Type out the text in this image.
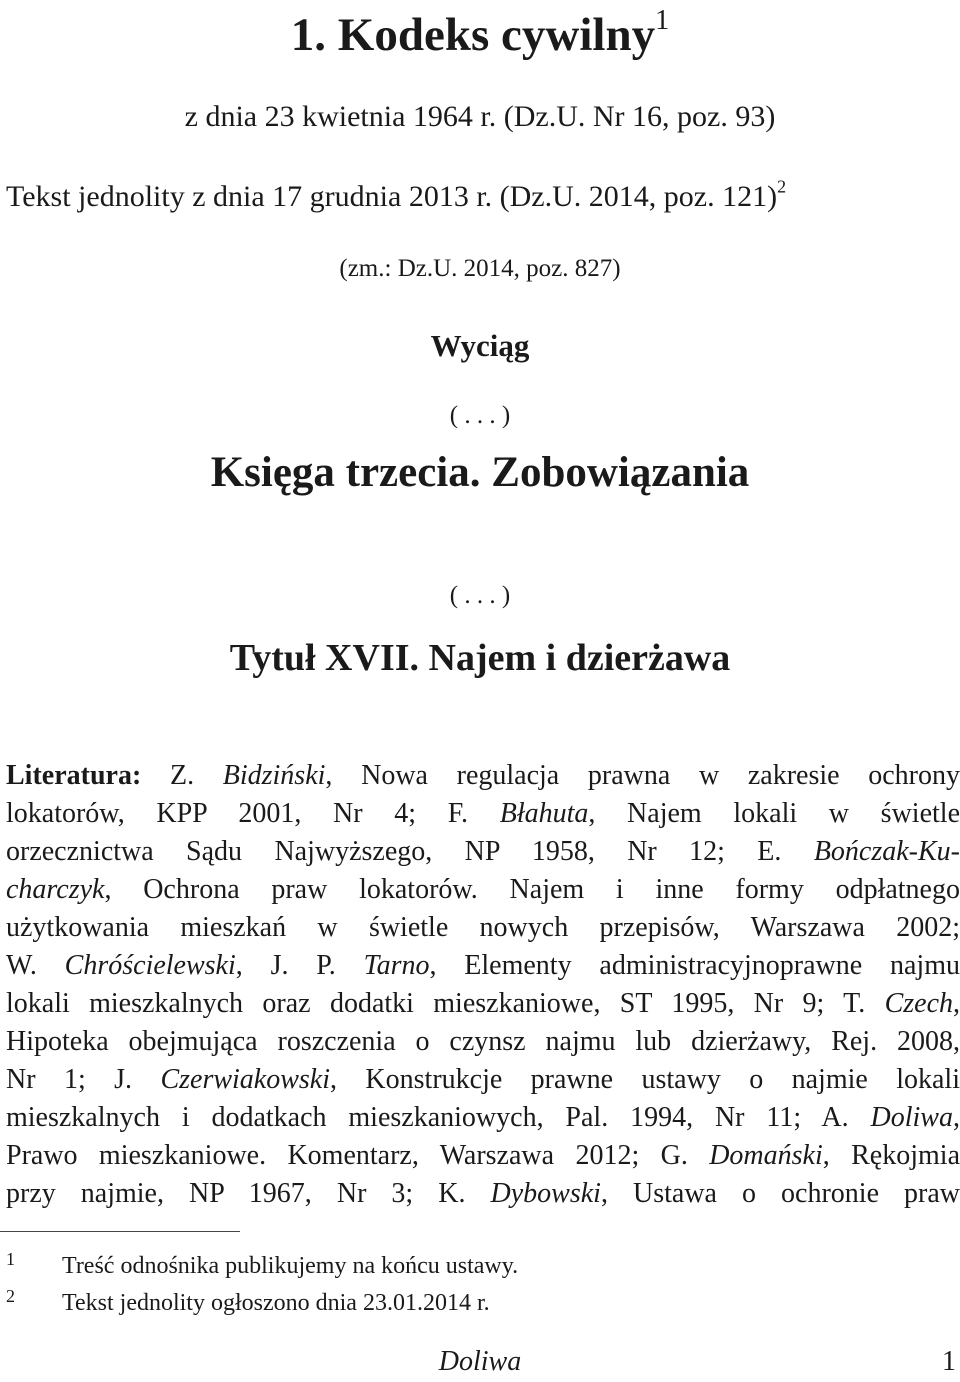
1. Kodeks cywilny$^1$
z dnia 23 kwietnia 1964 r. (Dz.U. Nr 16, poz. 93)
Tekst jednolity z dnia 17 grudnia 2013 r. (Dz.U. 2014, poz. 121)$^2$
(zm.: Dz.U. 2014, poz. 827)
Wyciąg
( . . . )
Księga trzecia. Zobowiązania
( . . . )
Tytuł XVII. Najem i dzierżawa
Literatura: Z. Bidziński, Nowa regulacja prawna w zakresie ochrony
lokatorów, KPP 2001, Nr 4; F. Błahuta, Najem lokali w świetle
orzecznictwa Sądu Najwyższego, NP 1958, Nr 12; E. Bończak-Ku-
charczyk, Ochrona praw lokatorów. Najem i inne formy odpłatnego
użytkowania mieszkań w świetle nowych przepisów, Warszawa 2002;
W. Chróścielewski, J. P. Tarno, Elementy administracyjnoprawne najmu
lokali mieszkalnych oraz dodatki mieszkaniowe, ST 1995, Nr 9; T. Czech,
Hipoteka obejmująca roszczenia o czynsz najmu lub dzierżawy, Rej. 2008,
Nr 1; J. Czerwiakowski, Konstrukcje prawne ustawy o najmie lokali
mieszkalnych i dodatkach mieszkaniowych, Pal. 1994, Nr 11; A. Doliwa,
Prawo mieszkaniowe. Komentarz, Warszawa 2012; G. Domański, Rękojmia
przy najmie, NP 1967, Nr 3; K. Dybowski, Ustawa o ochronie praw
1 Treść odnośnika publikujemy na końcu ustawy.
2 Tekst jednolity ogłoszono dnia 23.01.2014 r.
Doliwa	1
